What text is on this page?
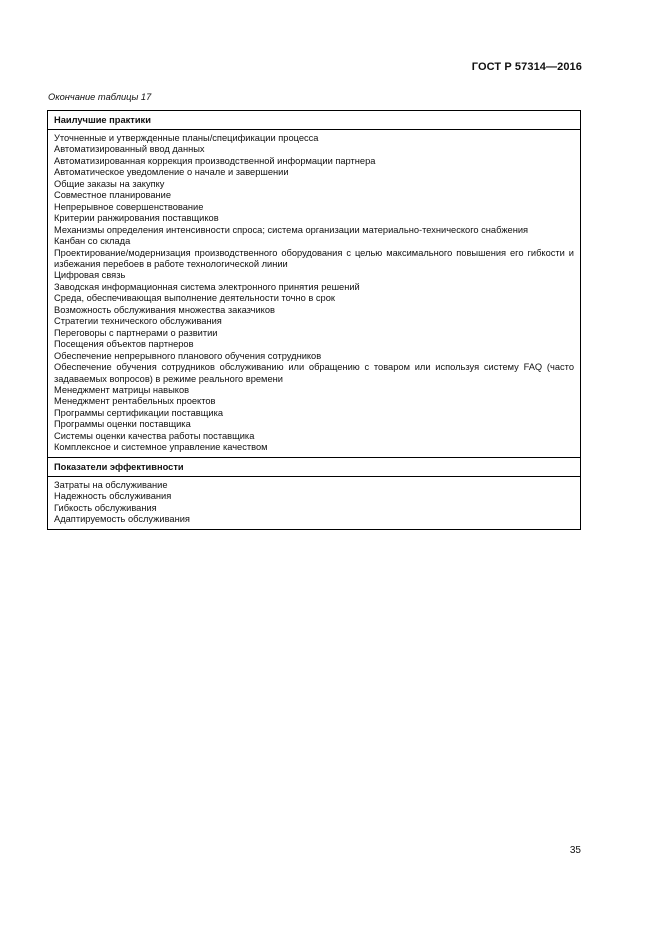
ГОСТ Р 57314—2016
Окончание таблицы 17
Наилучшие практики
Уточненные и утвержденные планы/спецификации процесса
Автоматизированный ввод данных
Автоматизированная коррекция производственной информации партнера
Автоматическое уведомление о начале и завершении
Общие заказы на закупку
Совместное планирование
Непрерывное совершенствование
Критерии ранжирования поставщиков
Механизмы определения интенсивности спроса; система организации материально-технического снабжения
Канбан со склада
Проектирование/модернизация производственного оборудования с целью максимального повышения его гибкости и избежания перебоев в работе технологической линии
Цифровая связь
Заводская информационная система электронного принятия решений
Среда, обеспечивающая выполнение деятельности точно в срок
Возможность обслуживания множества заказчиков
Стратегии технического обслуживания
Переговоры с партнерами о развитии
Посещения объектов партнеров
Обеспечение непрерывного планового обучения сотрудников
Обеспечение обучения сотрудников обслуживанию или обращению с товаром или используя систему FAQ (часто задаваемых вопросов) в режиме реального времени
Менеджмент матрицы навыков
Менеджмент рентабельных проектов
Программы сертификации поставщика
Программы оценки поставщика
Системы оценки качества работы поставщика
Комплексное и системное управление качеством
Показатели эффективности
Затраты на обслуживание
Надежность обслуживания
Гибкость обслуживания
Адаптируемость обслуживания
35
